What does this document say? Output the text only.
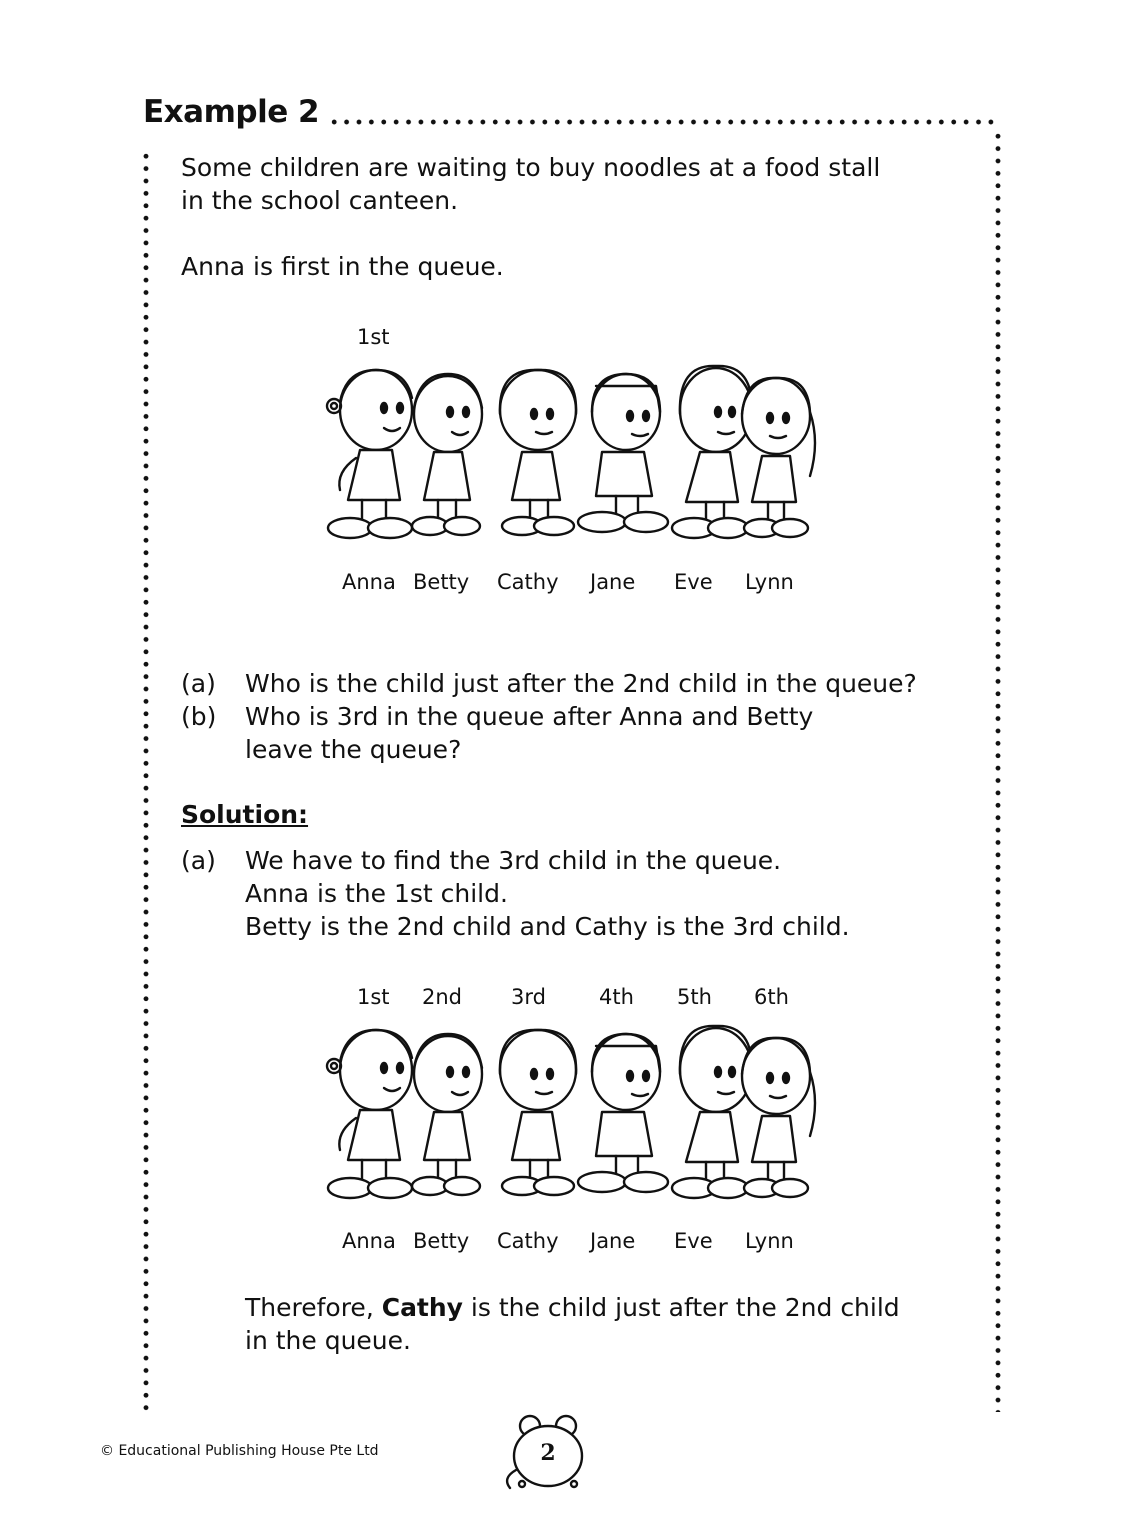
Example 2
Some children are waiting to buy noodles at a food stall
in the school canteen.
Anna is first in the queue.
1st
Anna Betty Cathy Jane Eve Lynn
(a) Who is the child just after the 2nd child in the queue?
(b) Who is 3rd in the queue after Anna and Betty
leave the queue?
Solution:
(a) We have to find the 3rd child in the queue.
Anna is the 1st child.
Betty is the 2nd child and Cathy is the 3rd child.
1st 2nd 3rd	4th 5th 6th
Anna Betty Cathy Jane Eve Lynn
Therefore, Cathy is the child just after the 2nd child
in the queue.
© Educational Publishing House Pte Ltd	2
